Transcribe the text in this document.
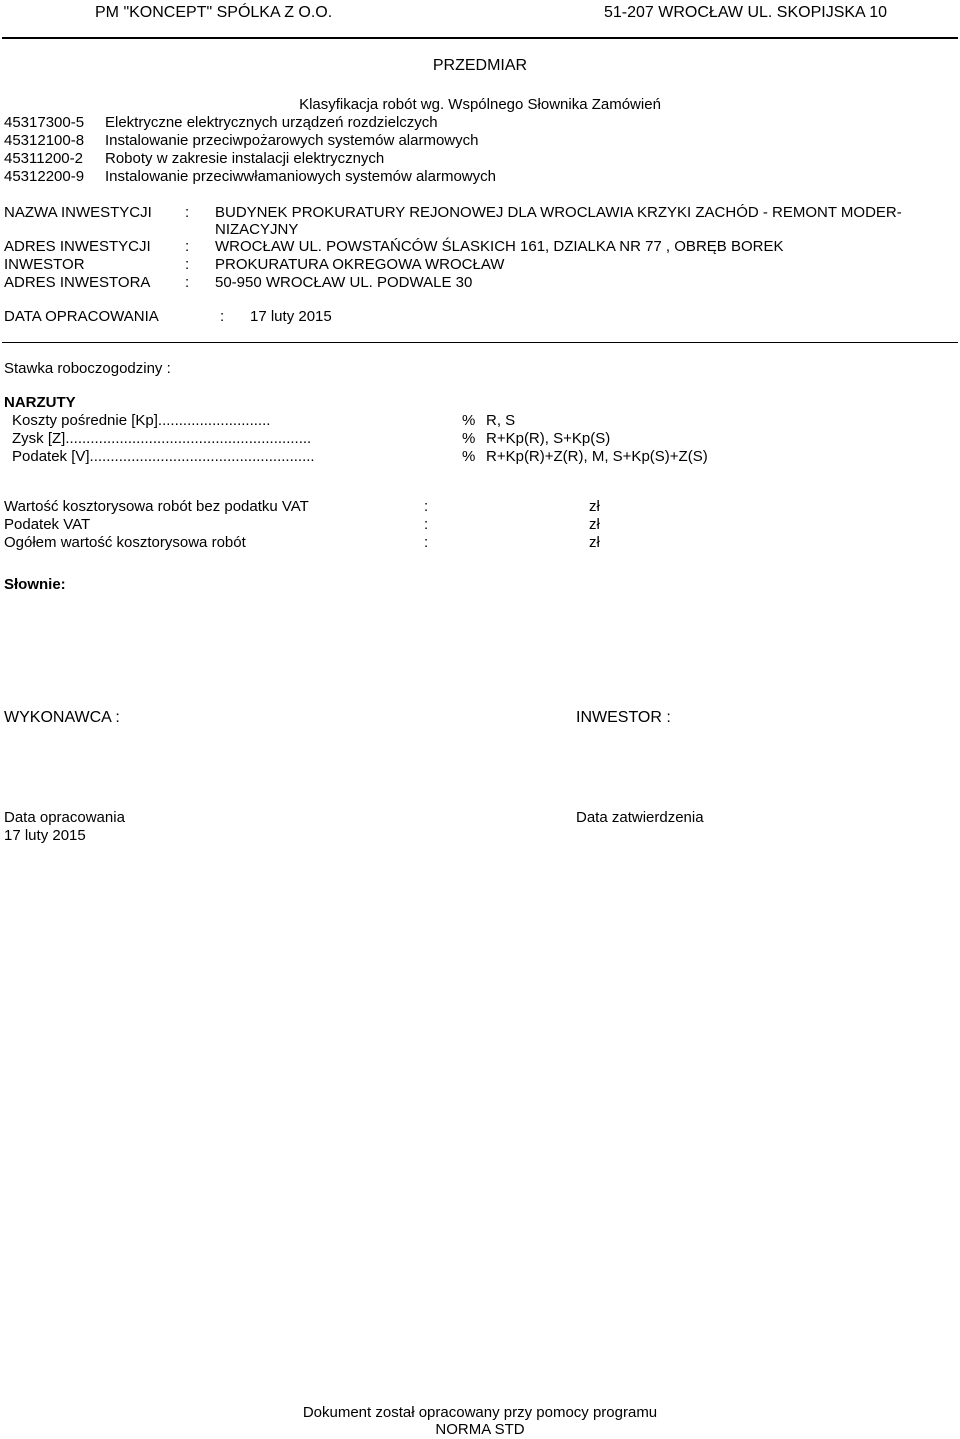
PM "KONCEPT" SPÓLKA Z O.O.	51-207 WROCŁAW UL. SKOPIJSKA 10
PRZEDMIAR
Klasyfikacja robót wg. Wspólnego Słownika Zamówień
45317300-5 Elektryczne elektrycznych urządzeń rozdzielczych
45312100-8 Instalowanie przeciwpożarowych systemów alarmowych
45311200-2 Roboty w zakresie instalacji elektrycznych
45312200-9 Instalowanie przeciwwłamaniowych systemów alarmowych
NAZWA INWESTYCJI : BUDYNEK PROKURATURY REJONOWEJ DLA WROCLAWIA KRZYKI ZACHÓD - REMONT MODER-
NIZACYJNY
ADRES INWESTYCJI : WROCŁAW UL. POWSTAŃCÓW ŚLASKICH 161, DZIALKA NR 77 , OBRĘB BOREK
INWESTOR	: PROKURATURA OKREGOWA WROCŁAW
ADRES INWESTORA : 50-950 WROCŁAW UL. PODWALE 30
DATA OPRACOWANIA	: 17 luty 2015
Stawka roboczogodziny :
NARZUTY
Koszty pośrednie [Kp]...........................	% R, S
Zysk [Z]...........................................................	% R+Kp(R), S+Kp(S)
Podatek [V]......................................................	% R+Kp(R)+Z(R), M, S+Kp(S)+Z(S)
Wartość kosztorysowa robót bez podatku VAT	:	zł
Podatek VAT	:	zł
Ogółem wartość kosztorysowa robót	:	zł
Słownie:
WYKONAWCA :	INWESTOR :
Data opracowania
17 luty 2015
Data zatwierdzenia
Dokument został opracowany przy pomocy programu
NORMA STD
